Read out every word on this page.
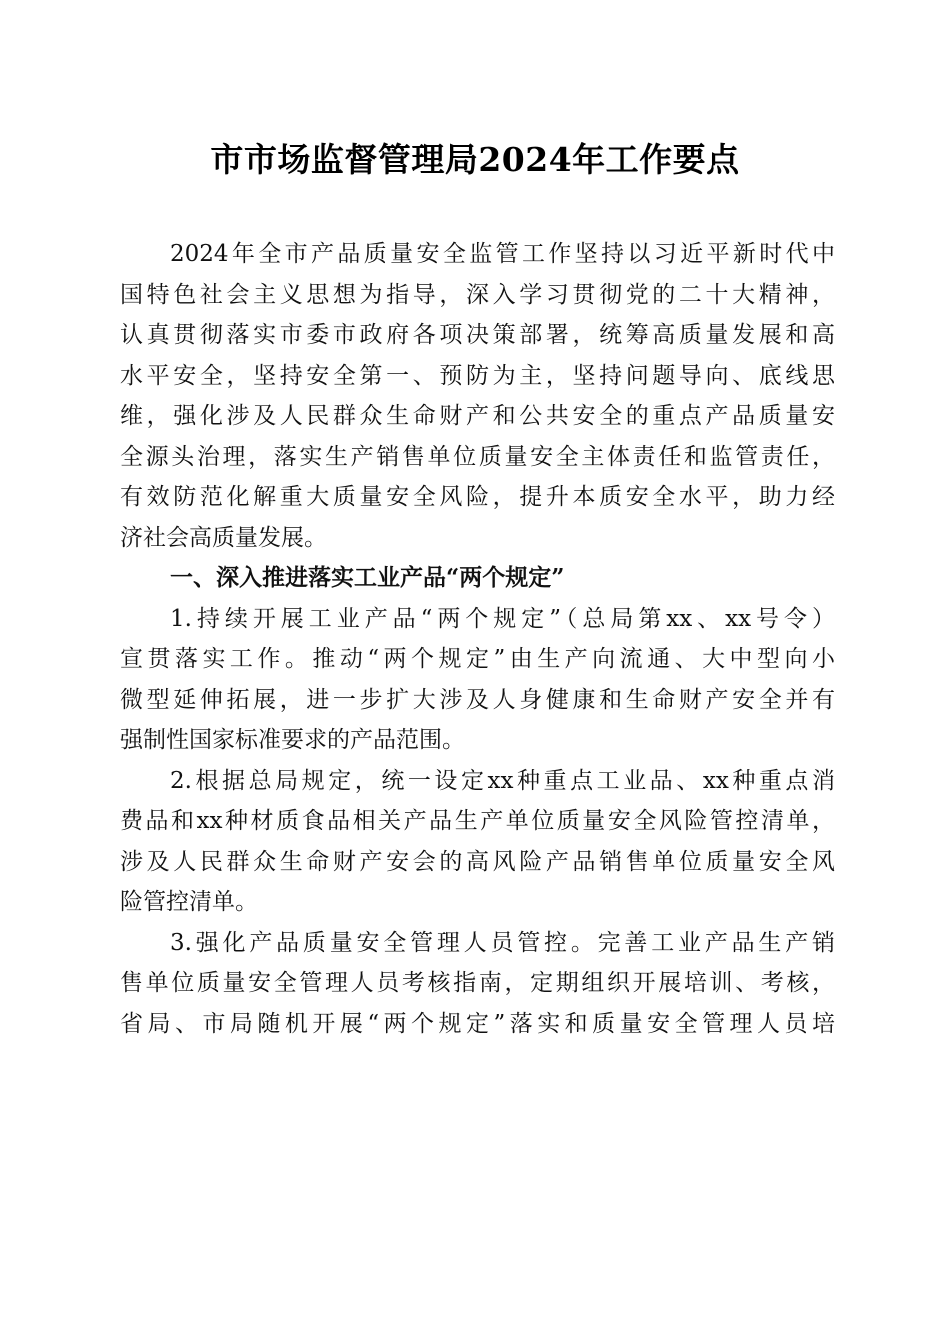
市市场监督管理局2024年工作要点
2024年全市产品质量安全监管工作坚持以习近平新时代中
国特色社会主义思想为指导，深入学习贯彻党的二十大精神，
认真贯彻落实市委市政府各项决策部署，统筹高质量发展和高
水平安全，坚持安全第一、预防为主，坚持问题导向、底线思
维，强化涉及人民群众生命财产和公共安全的重点产品质量安
全源头治理，落实生产销售单位质量安全主体责任和监管责任，
有效防范化解重大质量安全风险，提升本质安全水平，助力经
济社会高质量发展。
一、深入推进落实工业产品“两个规定”
1.持续开展工业产品“两个规定”（总局第xx、xx号令）
宣贯落实工作。推动“两个规定”由生产向流通、大中型向小
微型延伸拓展，进一步扩大涉及人身健康和生命财产安全并有
强制性国家标准要求的产品范围。
2.根据总局规定，统一设定xx种重点工业品、xx种重点消
费品和xx种材质食品相关产品生产单位质量安全风险管控清单，
涉及人民群众生命财产安会的高风险产品销售单位质量安全风
险管控清单。
3.强化产品质量安全管理人员管控。完善工业产品生产销
售单位质量安全管理人员考核指南，定期组织开展培训、考核，
省局、市局随机开展“两个规定”落实和质量安全管理人员培
